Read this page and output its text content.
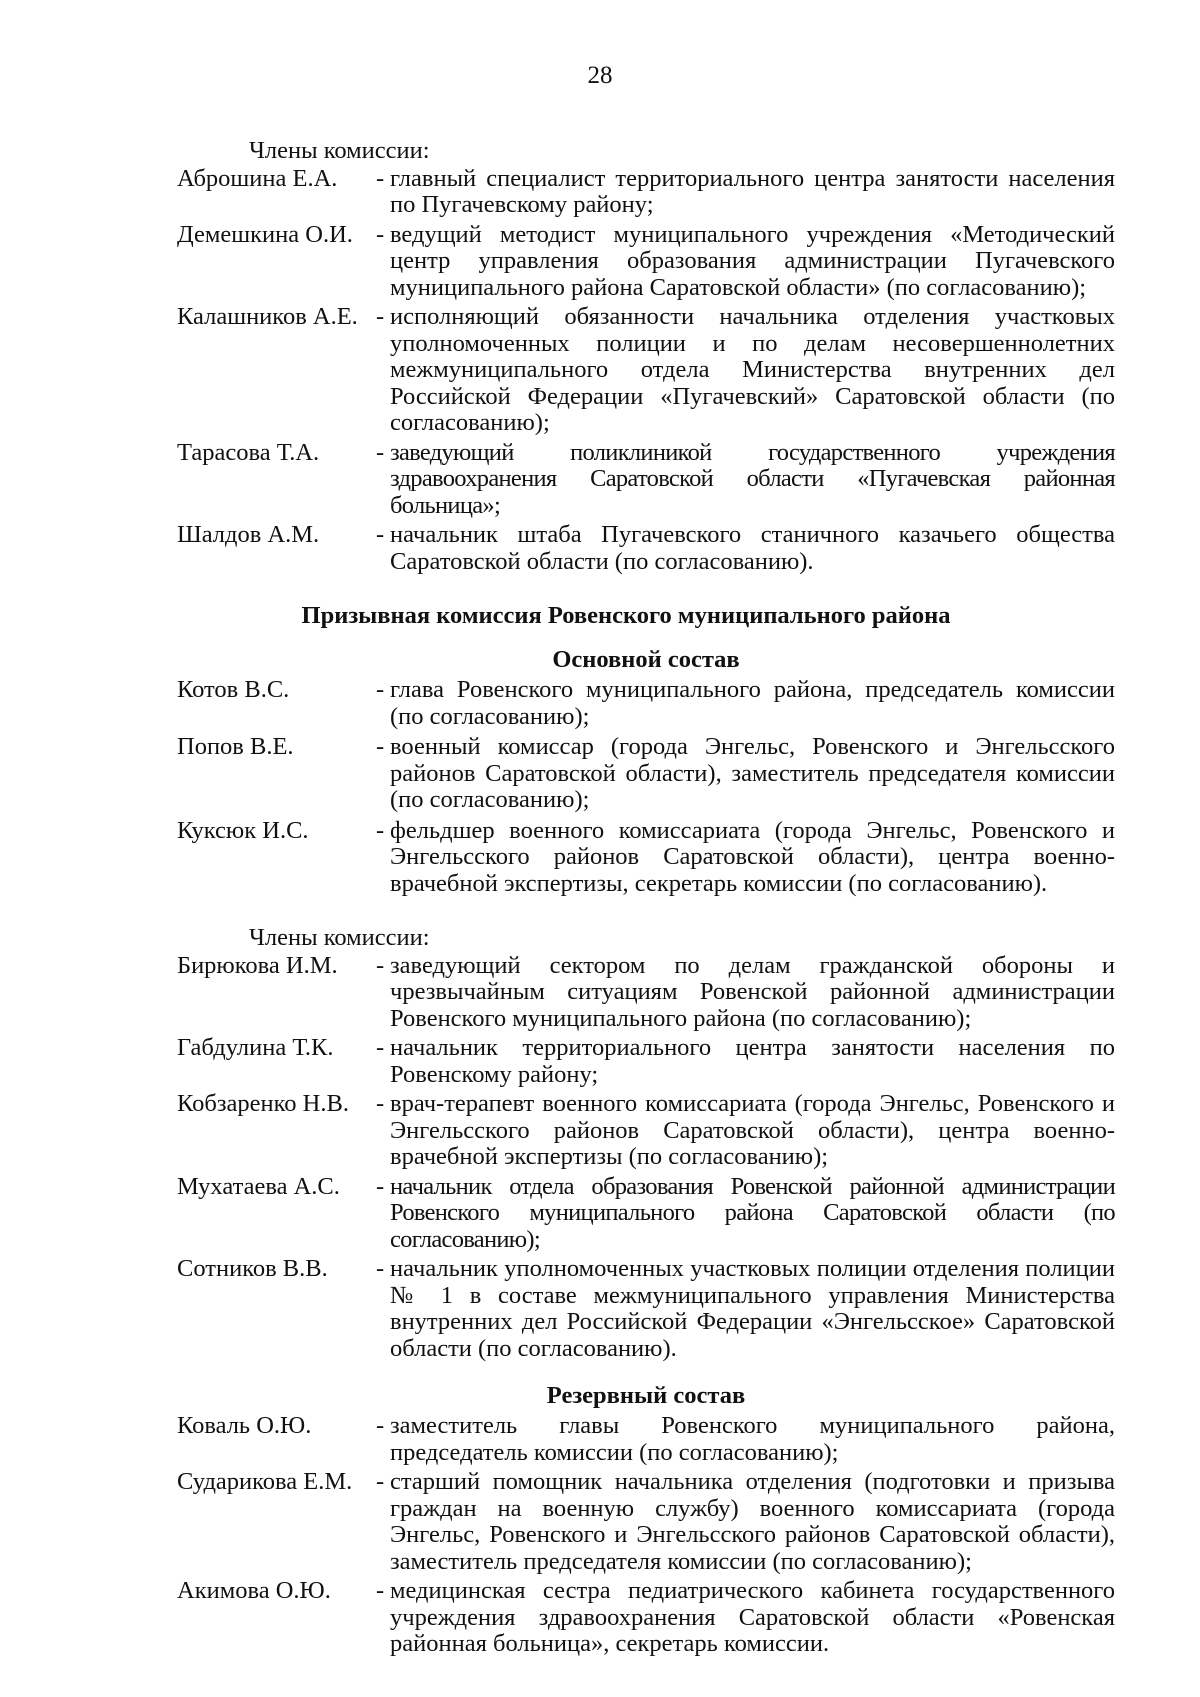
28
Члены комиссии:
Аброшина Е.А.	- главный специалист территориального центра занятости населения по Пугачевскому району;
Демешкина О.И. - ведущий методист муниципального учреждения «Методический центр управления образования администрации Пугачевского муниципального района Саратовской области» (по согласованию);
Калашников А.Е. - исполняющий обязанности начальника отделения участковых уполномоченных полиции и по делам несовершеннолетних межмуниципального отдела Министерства внутренних дел Российской Федерации «Пугачевский» Саратовской области (по согласованию);
Тарасова Т.А.	- заведующий поликлиникой государственного учреждения здравоохранения Саратовской области «Пугачевская районная больница»;
Шалдов А.М.	- начальник штаба Пугачевского станичного казачьего общества Саратовской области (по согласованию).
Призывная комиссия Ровенского муниципального района
Основной состав
Котов В.С.	- глава Ровенского муниципального района, председатель комиссии (по согласованию);
Попов В.Е.	- военный комиссар (города Энгельс, Ровенского и Энгельсского районов Саратовской области), заместитель председателя комиссии (по согласованию);
Куксюк И.С.	- фельдшер военного комиссариата (города Энгельс, Ровенского и Энгельсского районов Саратовской области), центра военно-врачебной экспертизы, секретарь комиссии (по согласованию).
Члены комиссии:
Бирюкова И.М.	- заведующий сектором по делам гражданской обороны и чрезвычайным ситуациям Ровенской районной администрации Ровенского муниципального района (по согласованию);
Габдулина Т.К.	- начальник территориального центра занятости населения по Ровенскому району;
Кобзаренко Н.В.	- врач-терапевт военного комиссариата (города Энгельс, Ровенского и Энгельсского районов Саратовской области), центра военно-врачебной экспертизы (по согласованию);
Мухатаева А.С.	- начальник отдела образования Ровенской районной администрации Ровенского муниципального района Саратовской области (по согласованию);
Сотников В.В.	- начальник уполномоченных участковых полиции отделения полиции № 1 в составе межмуниципального управления Министерства внутренних дел Российской Федерации «Энгельсское» Саратовской области (по согласованию).
Резервный состав
Коваль О.Ю.	- заместитель главы Ровенского муниципального района, председатель комиссии (по согласованию);
Сударикова Е.М. - старший помощник начальника отделения (подготовки и призыва граждан на военную службу) военного комиссариата (города Энгельс, Ровенского и Энгельсского районов Саратовской области), заместитель председателя комиссии (по согласованию);
Акимова О.Ю.	- медицинская сестра педиатрического кабинета государственного учреждения здравоохранения Саратовской области «Ровенская районная больница», секретарь комиссии.
